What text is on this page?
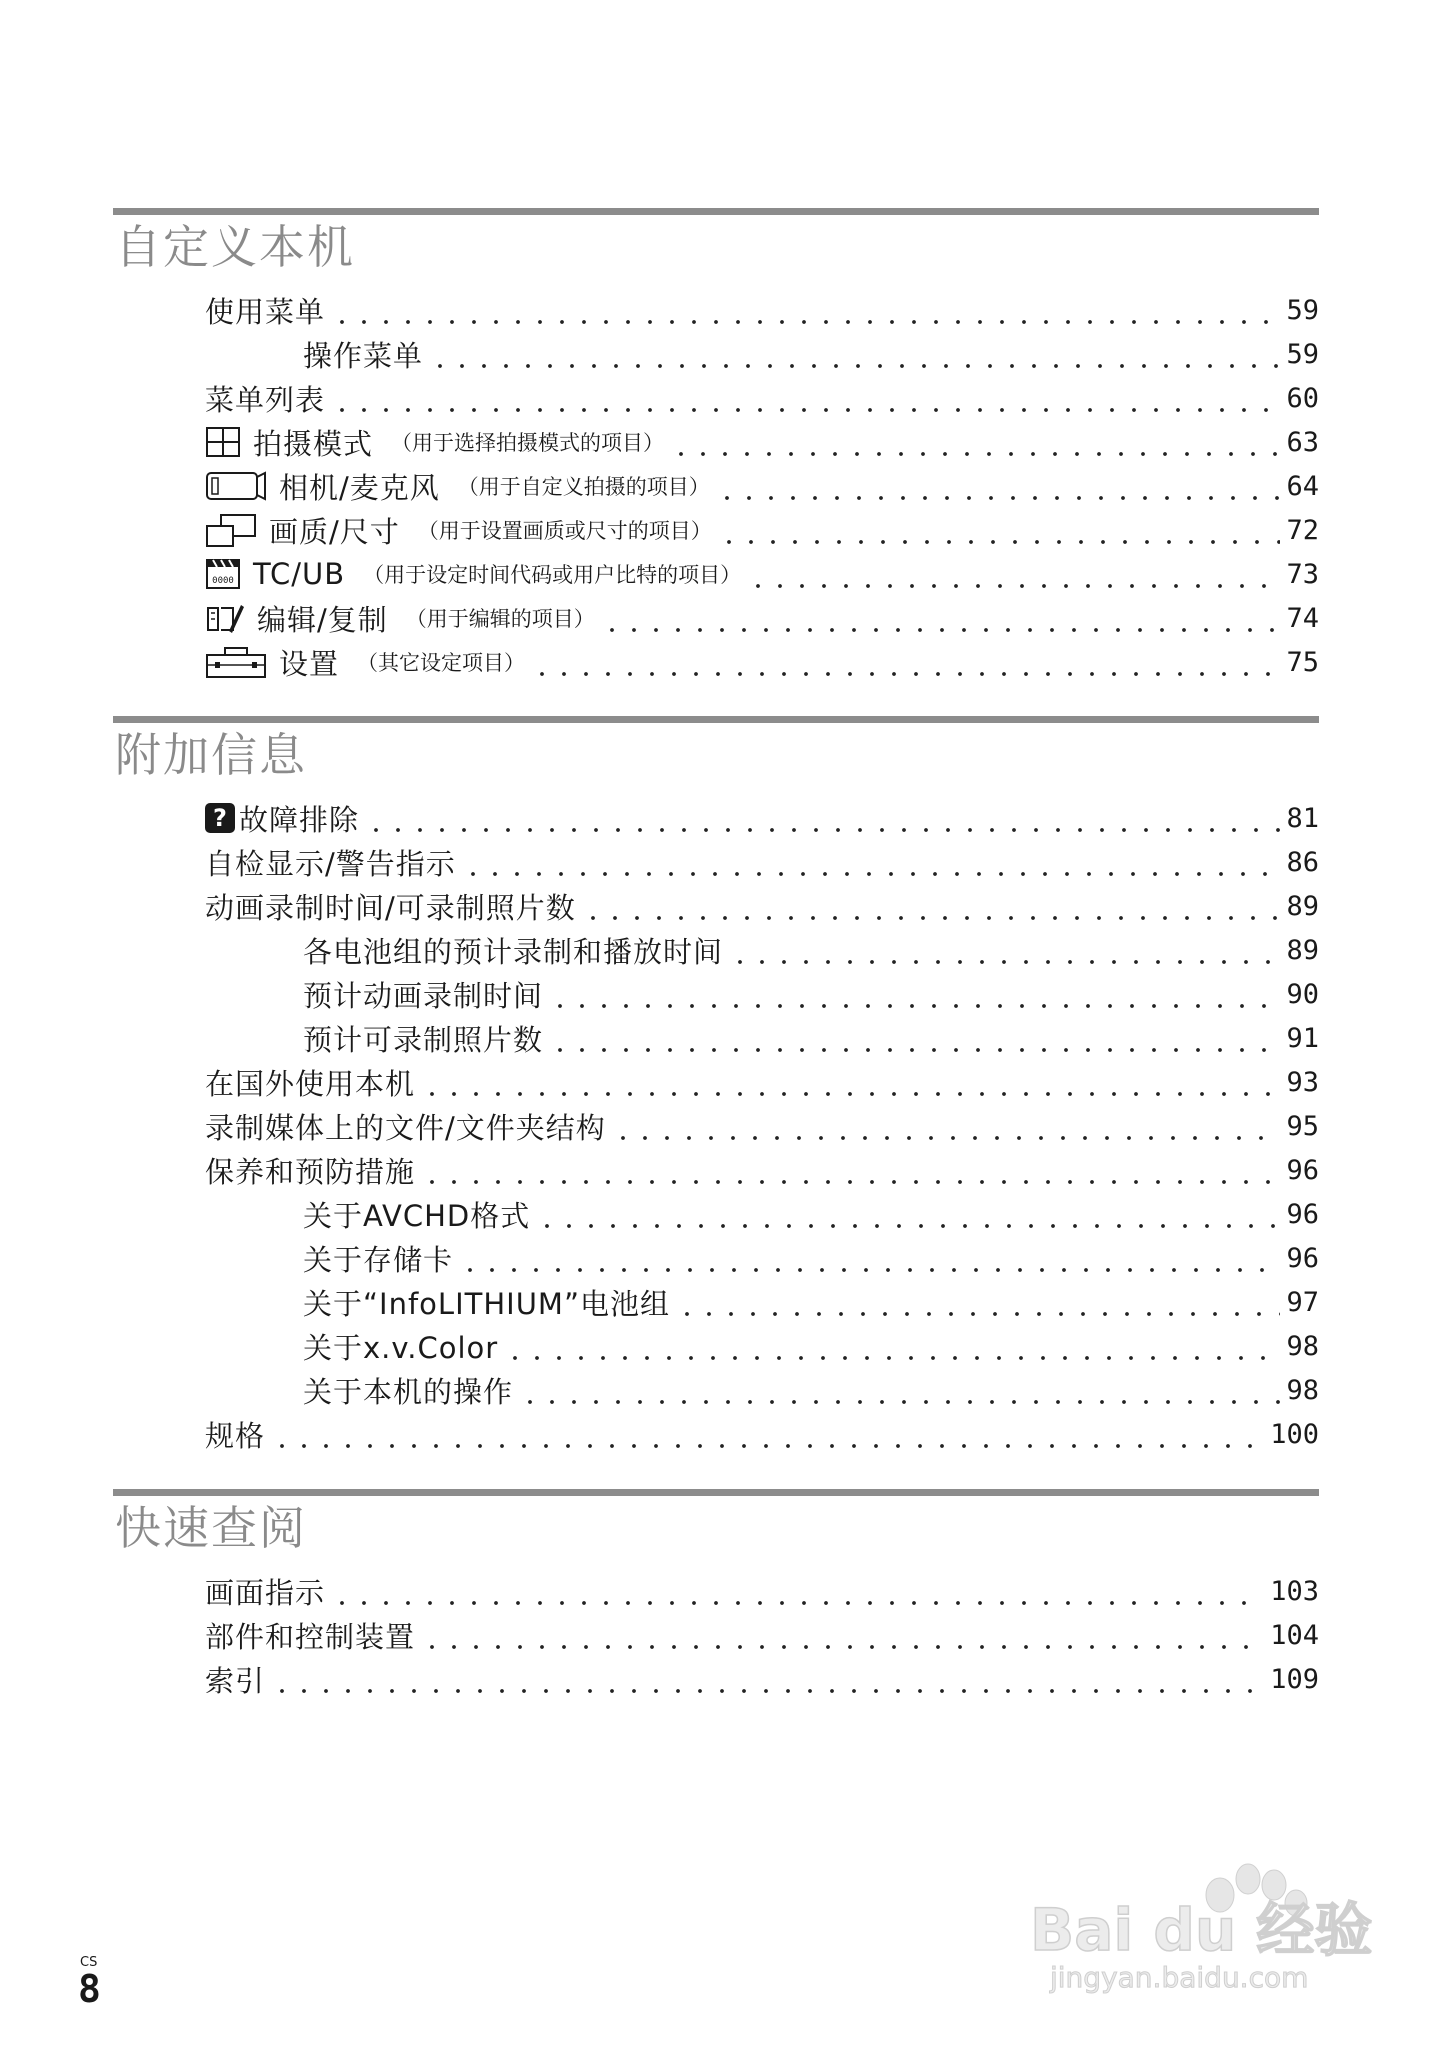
自定义本机
使用菜单	59
操作菜单	59
菜单列表	60
拍摄模式 （用于选择拍摄模式的项目）	63
相机/麦克风 （用于自定义拍摄的项目）	64
画质/尺寸 （用于设置画质或尺寸的项目）	72
0000 TC/UB （用于设定时间代码或用户比特的项目）	73
编辑/复制 （用于编辑的项目）	74
设置 （其它设定项目）	75
附加信息
? 故障排除	81
自检显示/警告指示	86
动画录制时间/可录制照片数	89
各电池组的预计录制和播放时间	89
预计动画录制时间	90
预计可录制照片数	91
在国外使用本机	93
录制媒体上的文件/文件夹结构	95
保养和预防措施	96
关于AVCHD格式	96
关于存储卡	96
关于“InfoLITHIUM”电池组	97
关于x.v.Color	98
关于本机的操作	98
规格	100
快速查阅
画面指示	103
部件和控制装置	104
索引	109
CS
8
Bai du 经验
jingyan.baidu.com
